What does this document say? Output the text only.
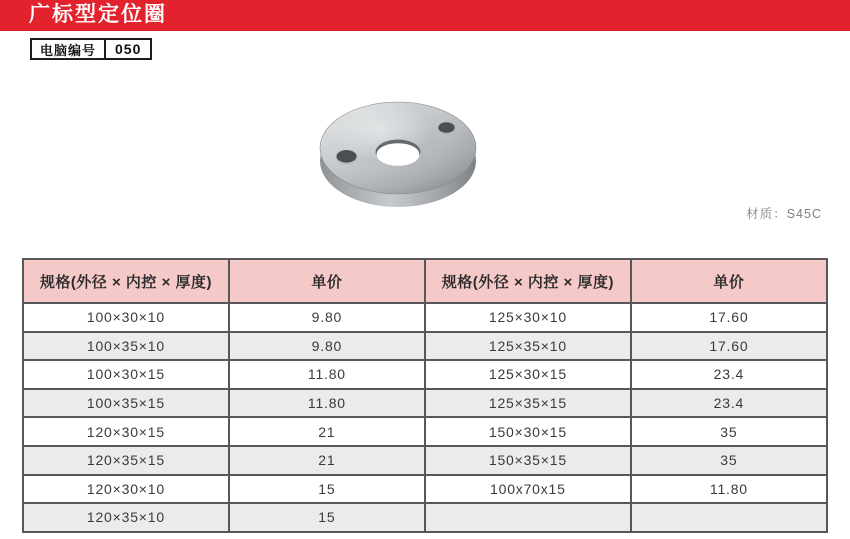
广标型定位圈
电脑编号	050
材质：S45C
规格(外径 × 内控 × 厚度)	单价	规格(外径 × 内控 × 厚度)	单价
100×30×10	9.80	125×30×10	17.60
100×35×10	9.80	125×35×10	17.60
100×30×15	11.80	125×30×15	23.4
100×35×15	11.80	125×35×15	23.4
120×30×15	21	150×30×15	35
120×35×15	21	150×35×15	35
120×30×10	15	100x70x15	11.80
120×35×10	15		
